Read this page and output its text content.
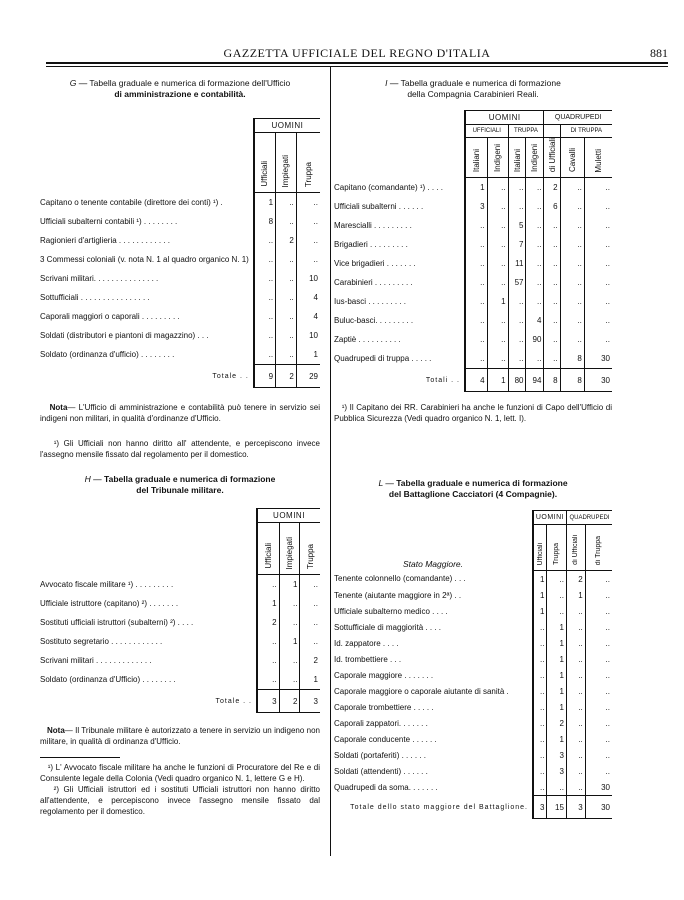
GAZZETTA UFFICIALE DEL REGNO D'ITALIA	881
G — Tabella graduale e numerica di formazione dell'Ufficio
di amministrazione e contabilità.
	UOMINI		
	Ufficiali	Impiegati	Truppa
Capitano o tenente contabile (direttore dei conti) ¹) .	1	..	..
Ufficiali subalterni contabili ¹) . . . . . . . .	8	..	..
Ragionieri d'artiglieria . . . . . . . . . . . .	..	2	..
3 Commessi coloniali (v. nota N. 1 al quadro organico N. 1)	..	..	..
Scrivani militari. . . . . . . . . . . . . . .	..	..	10
Sottufficiali . . . . . . . . . . . . . . . .	..	..	4
Caporali maggiori o caporali . . . . . . . . .	..	..	4
Soldati (distributori e piantoni di magazzino) . . .	..	..	10
Soldato (ordinanza d'ufficio) . . . . . . . .	..	..	1
Totale . .	9	2	29
Nota— L'Ufficio di amministrazione e contabilità può tenere in servizio sei indigeni non militari, in qualità d'ordinanze d'Ufficio.
¹) Gli Ufficiali non hanno diritto all' attendente, e percepiscono invece l'assegno mensile fissato dal regolamento per il domestico.
H — Tabella graduale e numerica di formazione
del Tribunale militare.
	UOMINI		
	Ufficiali	Impiegati	Truppa
Avvocato fiscale militare ¹) . . . . . . . . .	..	1	..
Ufficiale istruttore (capitano) ²) . . . . . . .	1	..	..
Sostituti ufficiali istruttori (subalterni) ²) . . . .	2	..	..
Sostituto segretario . . . . . . . . . . . .	..	1	..
Scrivani militari . . . . . . . . . . . . .	..	..	2
Soldato (ordinanza d'Ufficio) . . . . . . . .	..	..	1
Totale . .	3	2	3
Nota— Il Tribunale militare è autorizzato a tenere in servizio un indigeno non militare, in qualità di ordinanza d'Ufficio.
¹) L' Avvocato fiscale militare ha anche le funzioni di Procuratore del Re e di Consulente legale della Colonia (Vedi quadro organico N. 1, lettere G e H).
²) Gli Ufficiali istruttori ed i sostituti Ufficiali istruttori non hanno diritto all'attendente, e percepiscono invece l'assegno mensile fissato dal regolamento per il domestico.
I — Tabella graduale e numerica di formazione
della Compagnia Carabinieri Reali.
	UOMINI				QUADRUPEDI		
	UFFICIALI		TRUPPA			DI TRUPPA	
	Italiani	Indigeni	Italiani	Indigeni	di Ufficiali	Cavalli	Muletti
Capitano (comandante) ¹) . . . .	1	..	..	..	2	..	..
Ufficiali subalterni . . . . . .	3	..	..	..	6	..	..
Marescialli . . . . . . . . .	..	..	5	..	..	..	..
Brigadieri . . . . . . . . .	..	..	7	..	..	..	..
Vice brigadieri . . . . . . .	..	..	11	..	..	..	..
Carabinieri . . . . . . . . .	..	..	57	..	..	..	..
Ius-basci . . . . . . . . .	..	1	..	..	..	..	..
Buluc-basci. . . . . . . . .	..	..	..	4	..	..	..
Zaptiè . . . . . . . . . .	..	..	..	90	..	..	..
Quadrupedi di truppa . . . . .	..	..	..	..	..	8	30
Totali . .	4	1	80	94	8	8	30
¹) Il Capitano dei RR. Carabinieri ha anche le funzioni di Capo dell'Ufficio di Pubblica Sicurezza (Vedi quadro organico N. 1, lett. I).
L — Tabella graduale e numerica di formazione
del Battaglione Cacciatori (4 Compagnie).
Stato Maggiore.	UOMINI		QUADRUPEDI	
	Ufficiali	Truppa	di Ufficiali	di Truppa
Tenente colonnello (comandante) . . .	1	..	2	..
Tenente (aiutante maggiore in 2ª) . .	1	..	1	..
Ufficiale subalterno medico . . . .	1	..	..	..
Sottufficiale di maggiorità . . . .	..	1	..	..
Id. zappatore . . . .	..	1	..	..
Id. trombettiere . . .	..	1	..	..
Caporale maggiore . . . . . . .	..	1	..	..
Caporale maggiore o caporale aiutante di sanità .	..	1	..	..
Caporale trombettiere . . . . .	..	1	..	..
Caporali zappatori. . . . . . .	..	2	..	..
Caporale conducente . . . . . .	..	1	..	..
Soldati (portaferiti) . . . . . .	..	3	..	..
Soldati (attendenti) . . . . . .	..	3	..	..
Quadrupedi da soma. . . . . . .	..	..	..	30
Totale dello stato maggiore del Battaglione.	3	15	3	30
